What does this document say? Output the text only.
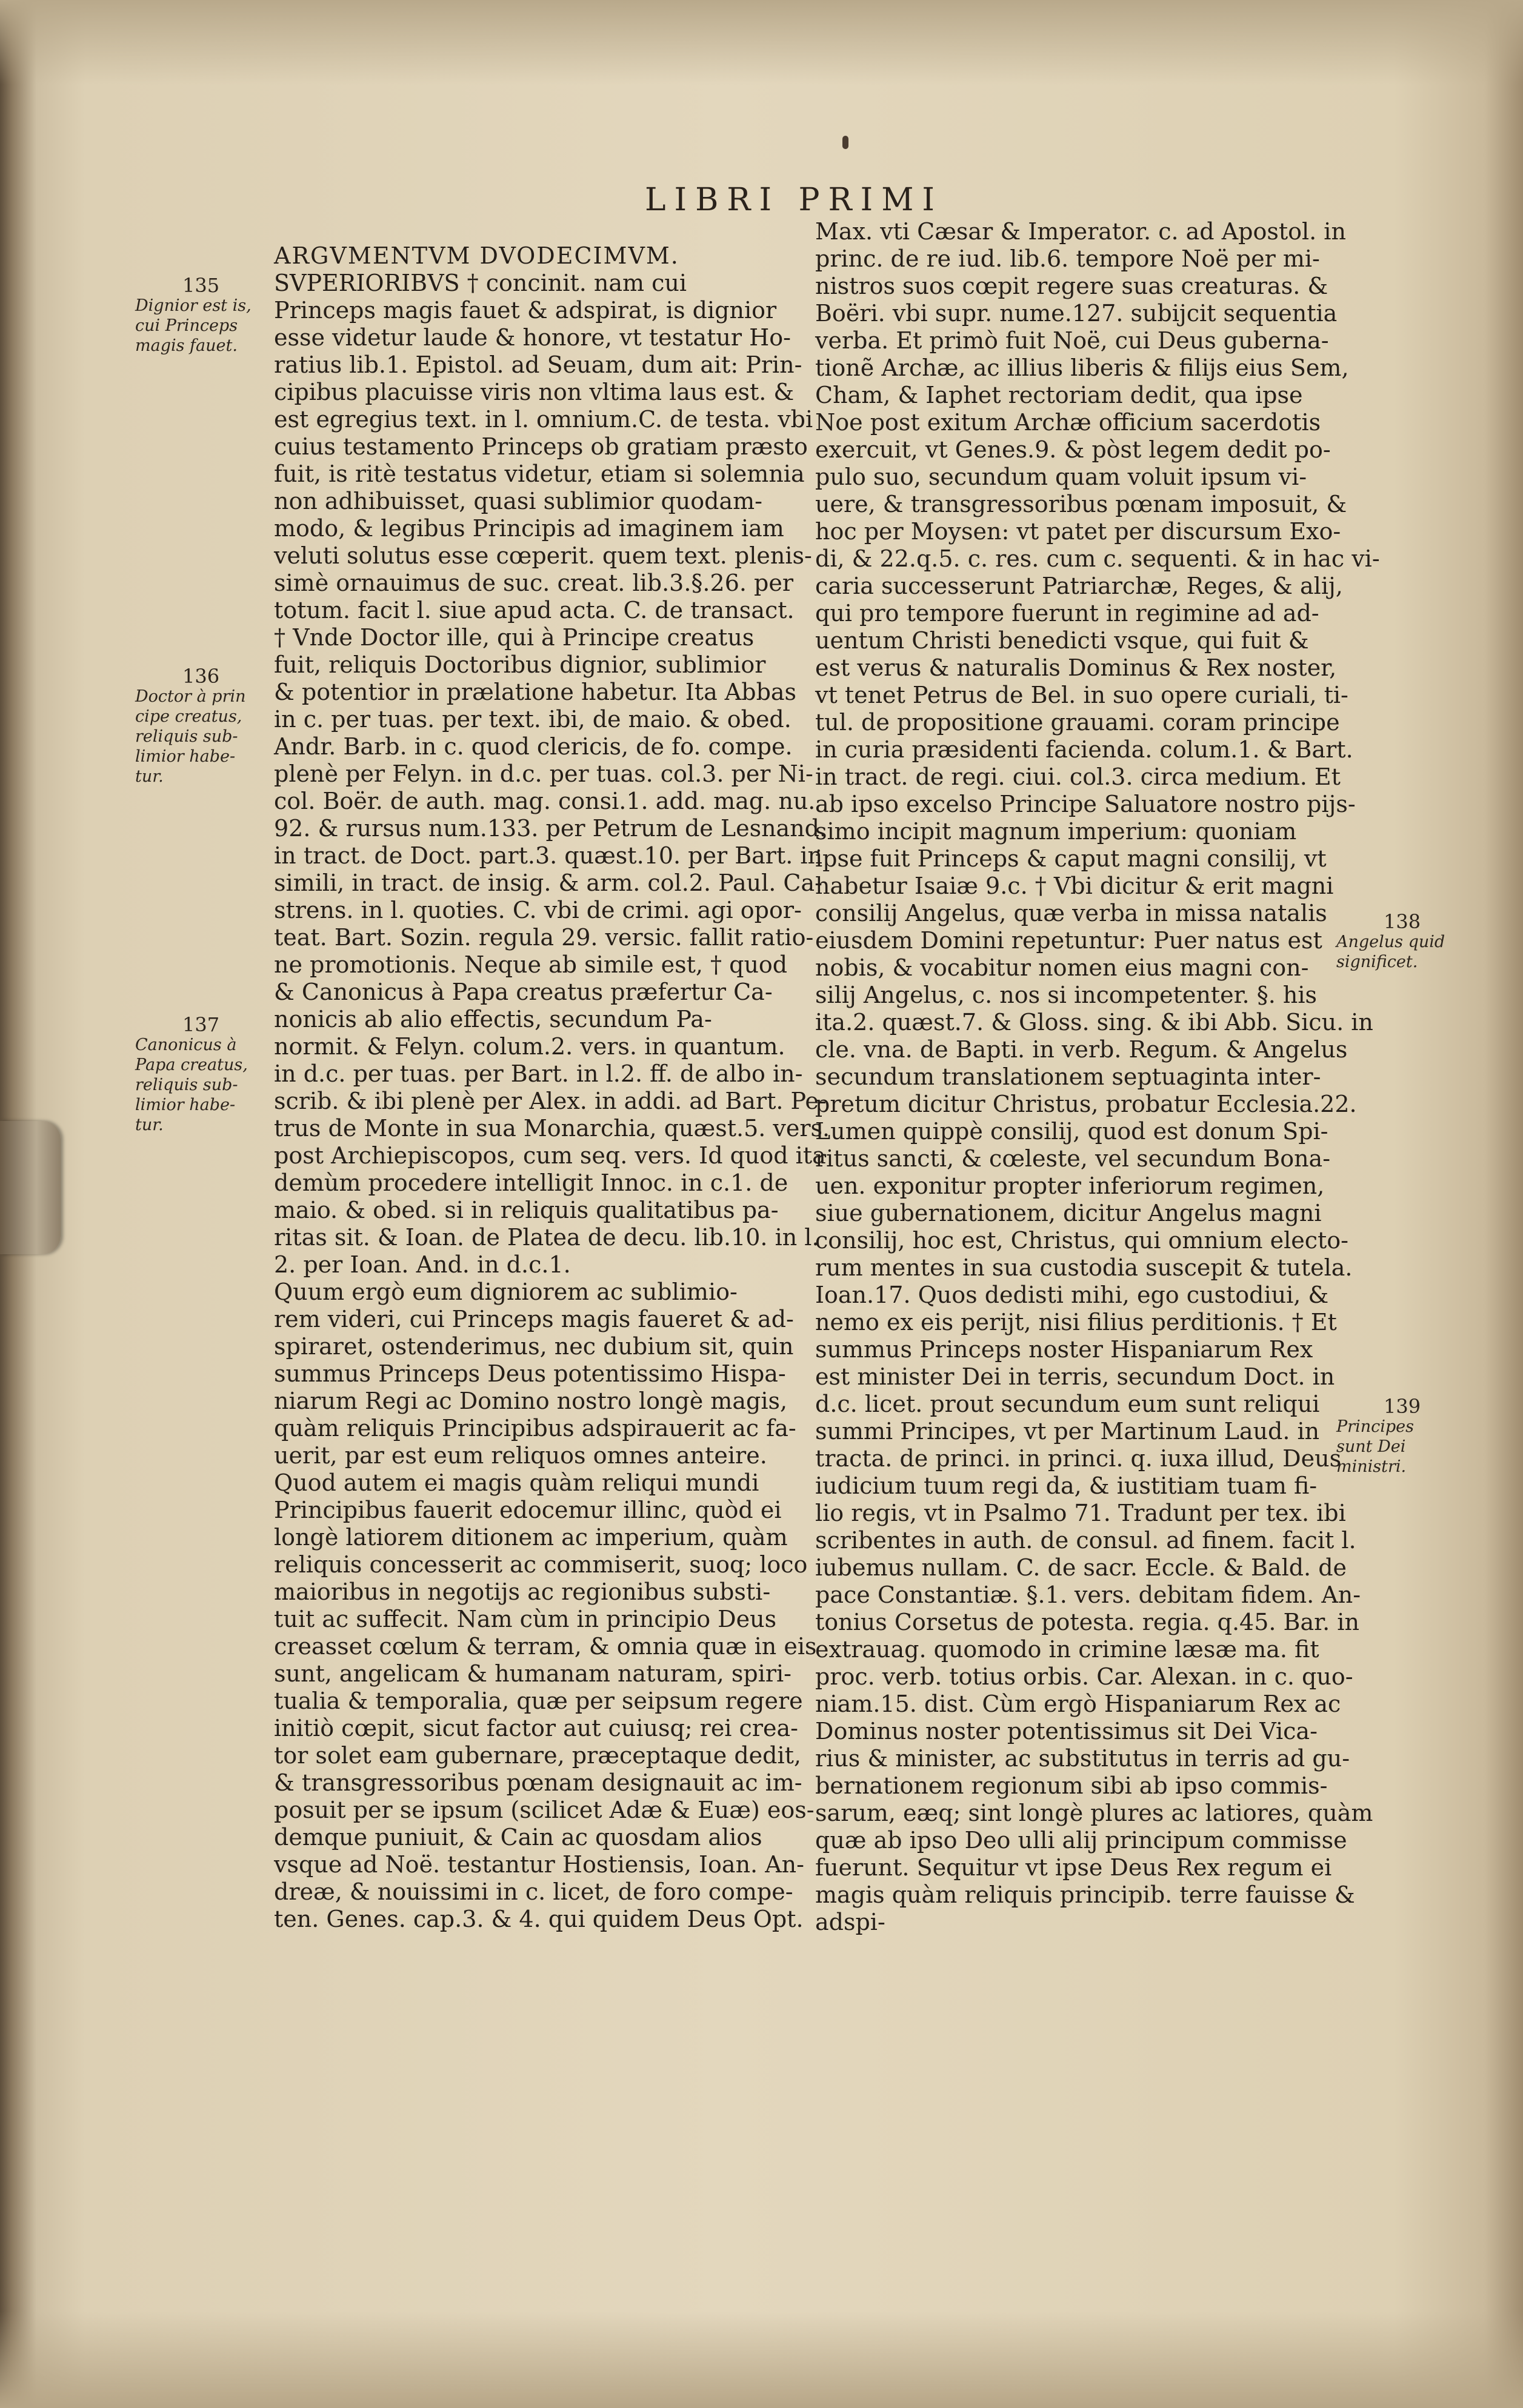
LIBRI PRIMI
ARGVMENTVM DVODECIMVM.
SVPERIORIBVS † concinit. nam cui
Princeps magis fauet & adspirat, is dignior
esse videtur laude & honore, vt testatur Ho-
ratius lib.1. Epistol. ad Seuam, dum ait: Prin-
cipibus placuisse viris non vltima laus est. &
est egregius text. in l. omnium.C. de testa. vbi
cuius testamento Princeps ob gratiam præsto
fuit, is ritè testatus videtur, etiam si solemnia
non adhibuisset, quasi sublimior quodam-
modo, & legibus Principis ad imaginem iam
veluti solutus esse cœperit. quem text. plenis-
simè ornauimus de suc. creat. lib.3.§.26. per
totum. facit l. siue apud acta. C. de transact.
† Vnde Doctor ille, qui à Principe creatus
fuit, reliquis Doctoribus dignior, sublimior
& potentior in prælatione habetur. Ita Abbas
in c. per tuas. per text. ibi, de maio. & obed.
Andr. Barb. in c. quod clericis, de fo. compe.
plenè per Felyn. in d.c. per tuas. col.3. per Ni-
col. Boër. de auth. mag. consi.1. add. mag. nu.
92. & rursus num.133. per Petrum de Lesnand.
in tract. de Doct. part.3. quæst.10. per Bart. in
simili, in tract. de insig. & arm. col.2. Paul. Ca-
strens. in l. quoties. C. vbi de crimi. agi opor-
teat. Bart. Sozin. regula 29. versic. fallit ratio-
ne promotionis. Neque ab simile est, † quod
& Canonicus à Papa creatus præfertur Ca-
nonicis ab alio effectis, secundum Pa-
normit. & Felyn. colum.2. vers. in quantum.
in d.c. per tuas. per Bart. in l.2. ff. de albo in-
scrib. & ibi plenè per Alex. in addi. ad Bart. Pe-
trus de Monte in sua Monarchia, quæst.5. vers.
post Archiepiscopos, cum seq. vers. Id quod ita
demùm procedere intelligit Innoc. in c.1. de
maio. & obed. si in reliquis qualitatibus pa-
ritas sit. & Ioan. de Platea de decu. lib.10. in l.
2. per Ioan. And. in d.c.1.
Quum ergò eum digniorem ac sublimio-
rem videri, cui Princeps magis faueret & ad-
spiraret, ostenderimus, nec dubium sit, quin
summus Princeps Deus potentissimo Hispa-
niarum Regi ac Domino nostro longè magis,
quàm reliquis Principibus adspirauerit ac fa-
uerit, par est eum reliquos omnes anteire.
Quod autem ei magis quàm reliqui mundi
Principibus fauerit edocemur illinc, quòd ei
longè latiorem ditionem ac imperium, quàm
reliquis concesserit ac commiserit, suoq; loco
maioribus in negotijs ac regionibus substi-
tuit ac suffecit. Nam cùm in principio Deus
creasset cœlum & terram, & omnia quæ in eis
sunt, angelicam & humanam naturam, spiri-
tualia & temporalia, quæ per seipsum regere
initiò cœpit, sicut factor aut cuiusq; rei crea-
tor solet eam gubernare, præceptaque dedit,
& transgressoribus pœnam designauit ac im-
posuit per se ipsum (scilicet Adæ & Euæ) eos-
demque puniuit, & Cain ac quosdam alios
vsque ad Noë. testantur Hostiensis, Ioan. An-
dreæ, & nouissimi in c. licet, de foro compe-
ten. Genes. cap.3. & 4. qui quidem Deus Opt.
Max. vti Cæsar & Imperator. c. ad Apostol. in
princ. de re iud. lib.6. tempore Noë per mi-
nistros suos cœpit regere suas creaturas. &
Boëri. vbi supr. nume.127. subijcit sequentia
verba. Et primò fuit Noë, cui Deus guberna-
tionẽ Archæ, ac illius liberis & filijs eius Sem,
Cham, & Iaphet rectoriam dedit, qua ipse
Noe post exitum Archæ officium sacerdotis
exercuit, vt Genes.9. & pòst legem dedit po-
pulo suo, secundum quam voluit ipsum vi-
uere, & transgressoribus pœnam imposuit, &
hoc per Moysen: vt patet per discursum Exo-
di, & 22.q.5. c. res. cum c. sequenti. & in hac vi-
caria successerunt Patriarchæ, Reges, & alij,
qui pro tempore fuerunt in regimine ad ad-
uentum Christi benedicti vsque, qui fuit &
est verus & naturalis Dominus & Rex noster,
vt tenet Petrus de Bel. in suo opere curiali, ti-
tul. de propositione grauami. coram principe
in curia præsidenti facienda. colum.1. & Bart.
in tract. de regi. ciui. col.3. circa medium. Et
ab ipso excelso Principe Saluatore nostro pijs-
simo incipit magnum imperium: quoniam
ipse fuit Princeps & caput magni consilij, vt
habetur Isaiæ 9.c. † Vbi dicitur & erit magni
consilij Angelus, quæ verba in missa natalis
eiusdem Domini repetuntur: Puer natus est
nobis, & vocabitur nomen eius magni con-
silij Angelus, c. nos si incompetenter. §. his
ita.2. quæst.7. & Gloss. sing. & ibi Abb. Sicu. in
cle. vna. de Bapti. in verb. Regum. & Angelus
secundum translationem septuaginta inter-
pretum dicitur Christus, probatur Ecclesia.22.
Lumen quippè consilij, quod est donum Spi-
ritus sancti, & cœleste, vel secundum Bona-
uen. exponitur propter inferiorum regimen,
siue gubernationem, dicitur Angelus magni
consilij, hoc est, Christus, qui omnium electo-
rum mentes in sua custodia suscepit & tutela.
Ioan.17. Quos dedisti mihi, ego custodiui, &
nemo ex eis perijt, nisi filius perditionis. † Et
summus Princeps noster Hispaniarum Rex
est minister Dei in terris, secundum Doct. in
d.c. licet. prout secundum eum sunt reliqui
summi Principes, vt per Martinum Laud. in
tracta. de princi. in princi. q. iuxa illud, Deus
iudicium tuum regi da, & iustitiam tuam fi-
lio regis, vt in Psalmo 71. Tradunt per tex. ibi
scribentes in auth. de consul. ad finem. facit l.
iubemus nullam. C. de sacr. Eccle. & Bald. de
pace Constantiæ. §.1. vers. debitam fidem. An-
tonius Corsetus de potesta. regia. q.45. Bar. in
extrauag. quomodo in crimine læsæ ma. fit
proc. verb. totius orbis. Car. Alexan. in c. quo-
niam.15. dist. Cùm ergò Hispaniarum Rex ac
Dominus noster potentissimus sit Dei Vica-
rius & minister, ac substitutus in terris ad gu-
bernationem regionum sibi ab ipso commis-
sarum, eæq; sint longè plures ac latiores, quàm
quæ ab ipso Deo ulli alij principum commisse
fuerunt. Sequitur vt ipse Deus Rex regum ei
magis quàm reliquis principib. terre fauisse &
adspi-
135
Dignior est is,
cui Princeps
magis fauet.
136
Doctor à prin
cipe creatus,
reliquis sub-
limior habe-
tur.
137
Canonicus à
Papa creatus,
reliquis sub-
limior habe-
tur.
138
Angelus quid
significet.
139
Principes
sunt Dei
ministri.
